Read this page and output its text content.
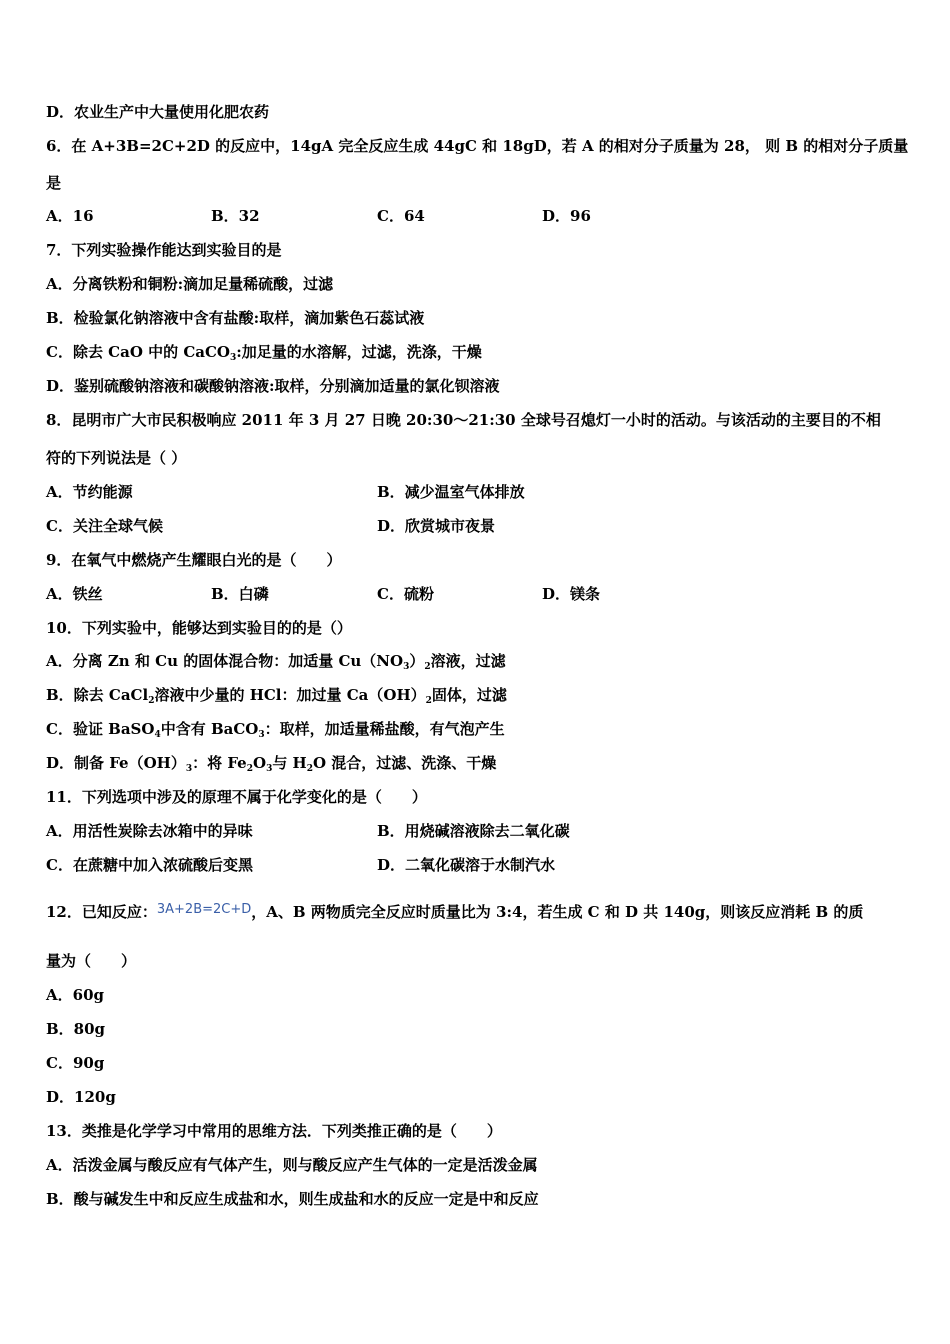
D．农业生产中大量使用化肥农药
6．在 A+3B=2C+2D 的反应中，14gA 完全反应生成 44gC 和 18gD，若 A 的相对分子质量为 28， 则 B 的相对分子质量
是
A．16	B．32	C．64	D．96
7．下列实验操作能达到实验目的是
A．分离铁粉和铜粉:滴加足量稀硫酸，过滤
B．检验氯化钠溶液中含有盐酸:取样，滴加紫色石蕊试液
C．除去 CaO 中的 CaCO$_3$:加足量的水溶解，过滤，洗涤，干燥
D．鉴别硫酸钠溶液和碳酸钠溶液:取样，分别滴加适量的氯化钡溶液
8．昆明市广大市民积极响应 2011 年 3 月 27 日晚 20:30～21:30 全球号召熄灯一小时的活动。与该活动的主要目的不相
符的下列说法是（ ）
A．节约能源	B．减少温室气体排放
C．关注全球气候	D．欣赏城市夜景
9．在氧气中燃烧产生耀眼白光的是（　　）
A．铁丝	B．白磷	C．硫粉	D．镁条
10．下列实验中，能够达到实验目的的是（）
A．分离 Zn 和 Cu 的固体混合物：加适量 $Cu(NO_3)_2$溶液，过滤
B．除去 CaCl$_2$溶液中少量的 HCl：加过量 $Ca(OH)_2$固体，过滤
C．验证 BaSO$_4$中含有 BaCO$_3$：取样，加适量稀盐酸，有气泡产生
D．制备 $Fe(OH)_3$：将 $Fe_2O_3$与 $H_2O$ 混合，过滤、洗涤、干燥
11．下列选项中涉及的原理不属于化学变化的是（　　）
A．用活性炭除去冰箱中的异味	B．用烧碱溶液除去二氧化碳
C．在蔗糖中加入浓硫酸后变黑	D．二氧化碳溶于水制汽水
12．已知反应：3A+2B=2C+D，A、B 两物质完全反应时质量比为 3:4，若生成 C 和 D 共 140g，则该反应消耗 B 的质
量为（　　）
A．60g
B．80g
C．90g
D．120g
13．类推是化学学习中常用的思维方法．下列类推正确的是（　　）
A．活泼金属与酸反应有气体产生，则与酸反应产生气体的一定是活泼金属
B．酸与碱发生中和反应生成盐和水，则生成盐和水的反应一定是中和反应
